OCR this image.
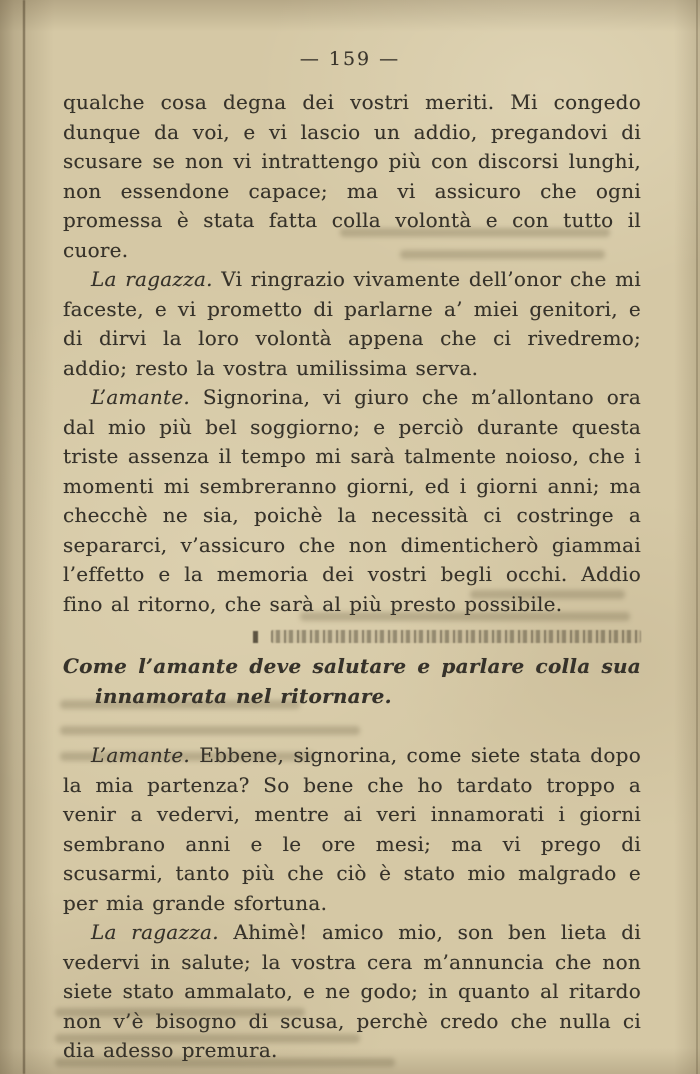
— 159 —

qualche cosa degna dei vostri meriti. Mi congedo dunque da voi, e vi lascio un addio, pregandovi di scusare se non vi intrattengo più con discorsi lunghi, non essendone capace; ma vi assicuro che ogni promessa è stata fatta colla volontà e con tutto il cuore.

La ragazza. Vi ringrazio vivamente dell’onor che mi faceste, e vi prometto di parlarne a’ miei genitori, e di dirvi la loro volontà appena che ci rivedremo; addio; resto la vostra umilissima serva.

L’amante. Signorina, vi giuro che m’allontano ora dal mio più bel soggiorno; e perciò durante questa triste assenza il tempo mi sarà talmente noioso, che i momenti mi sembreranno giorni, ed i giorni anni; ma checchè ne sia, poichè la necessità ci costringe a separarci, v’assicuro che non dimenticherò giammai l’effetto e la memoria dei vostri begli occhi. Addio fino al ritorno, che sarà al più presto possibile.

Come l’amante deve salutare e parlare colla sua innamorata nel ritornare.

L’amante. Ebbene, signorina, come siete stata dopo la mia partenza? So bene che ho tardato troppo a venir a vedervi, mentre ai veri innamorati i giorni sembrano anni e le ore mesi; ma vi prego di scusarmi, tanto più che ciò è stato mio malgrado e per mia grande sfortuna.

La ragazza. Ahimè! amico mio, son ben lieta di vedervi in salute; la vostra cera m’annuncia che non siete stato ammalato, e ne godo; in quanto al ritardo non v’è bisogno di scusa, perchè credo che nulla ci dia adesso premura.
